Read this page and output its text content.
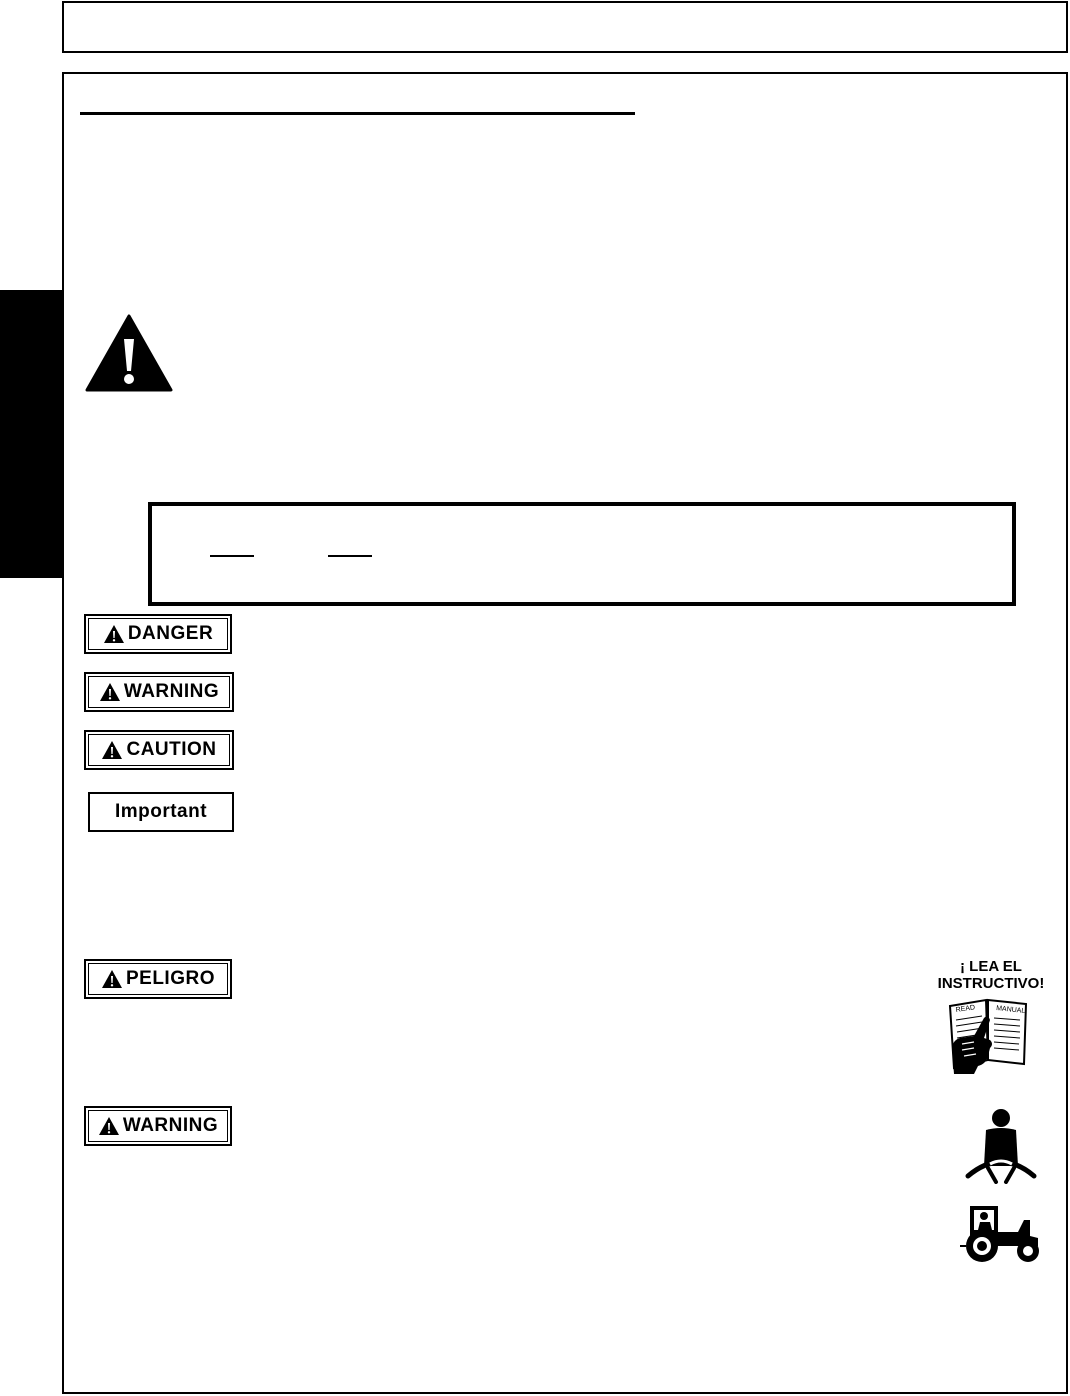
DANGER
WARNING
CAUTION
Important
PELIGRO
WARNING
¡ LEA EL
INSTRUCTIVO!
READ	MANUAL
